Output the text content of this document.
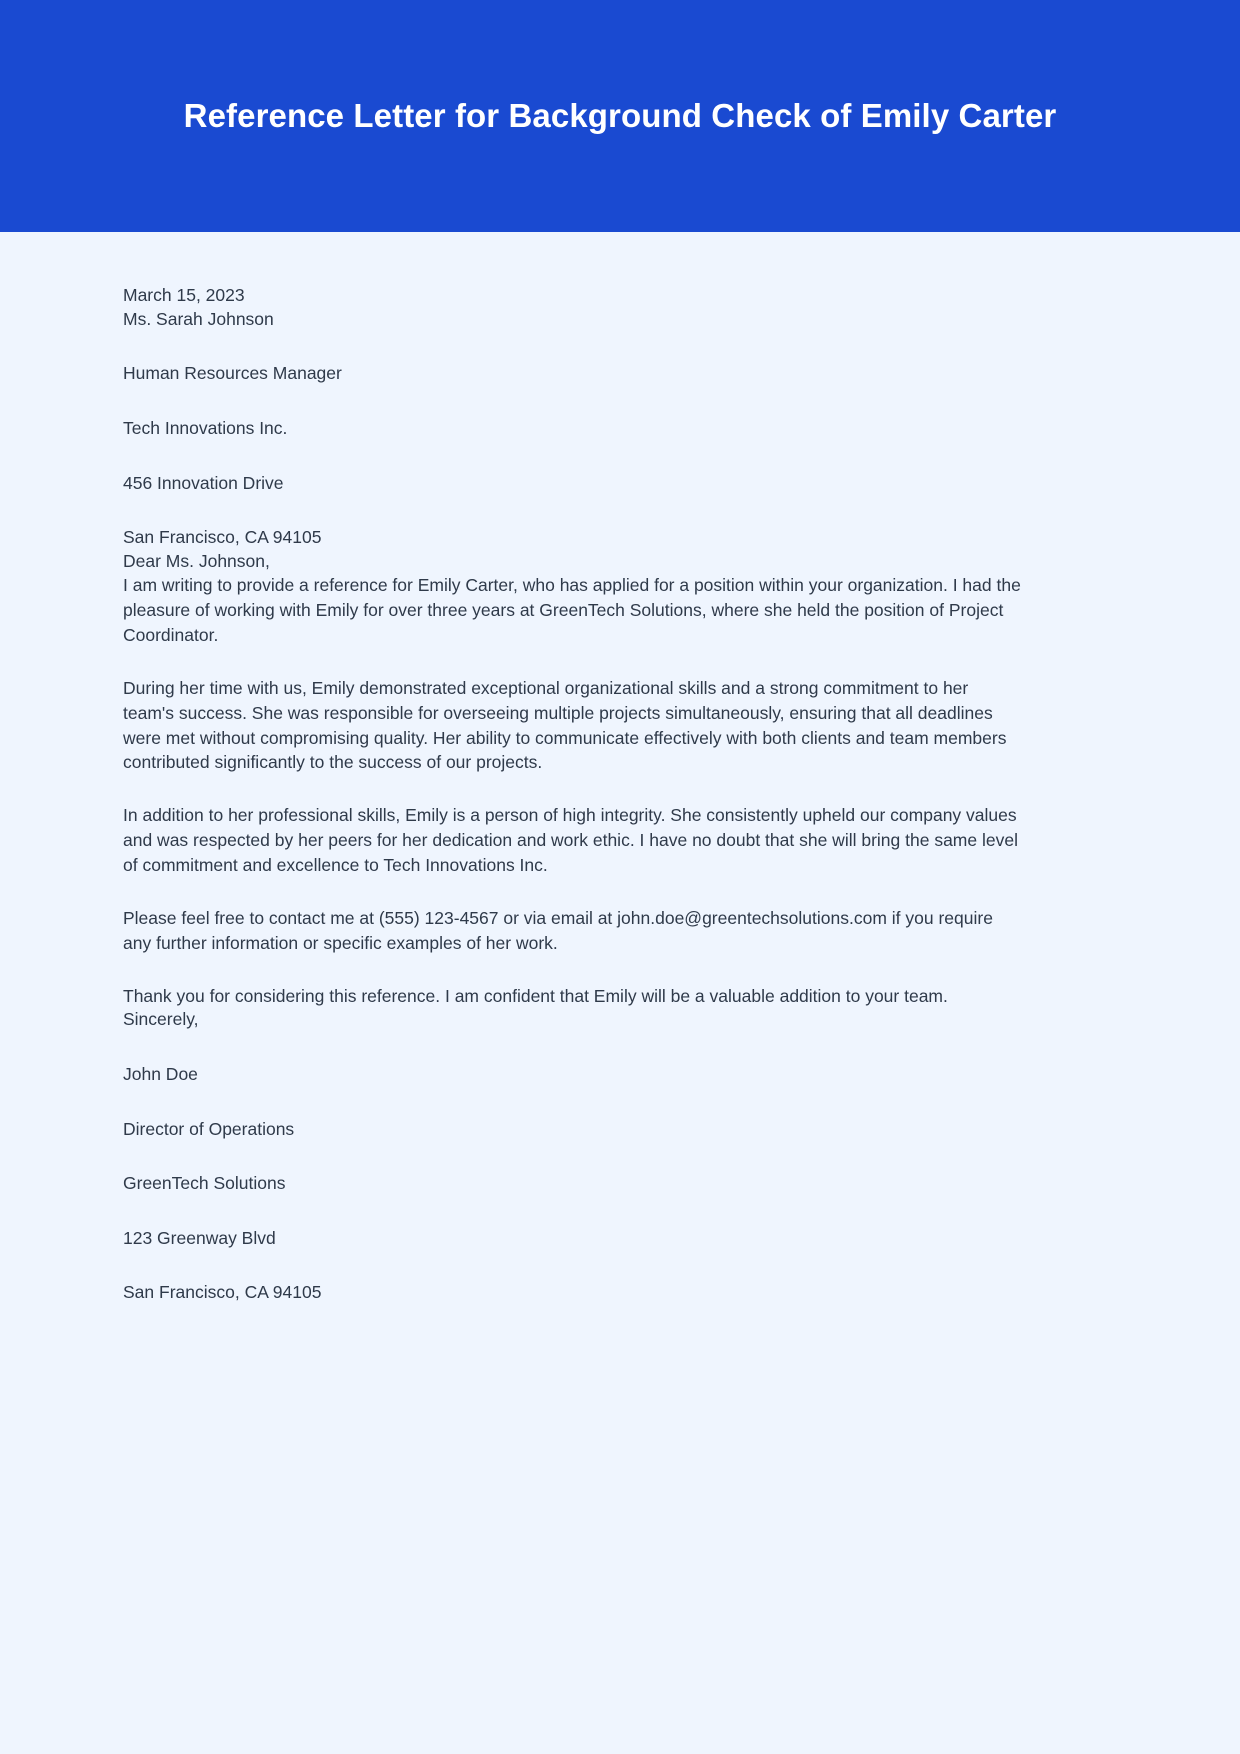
Reference Letter for Background Check of Emily Carter
March 15, 2023
Ms. Sarah Johnson
Human Resources Manager
Tech Innovations Inc.
456 Innovation Drive
San Francisco, CA 94105
Dear Ms. Johnson,

I am writing to provide a reference for Emily Carter, who has applied for a position within your organization. I had the pleasure of working with Emily for over three years at GreenTech Solutions, where she held the position of Project Coordinator.

During her time with us, Emily demonstrated exceptional organizational skills and a strong commitment to her team's success. She was responsible for overseeing multiple projects simultaneously, ensuring that all deadlines were met without compromising quality. Her ability to communicate effectively with both clients and team members contributed significantly to the success of our projects.

In addition to her professional skills, Emily is a person of high integrity. She consistently upheld our company values and was respected by her peers for her dedication and work ethic. I have no doubt that she will bring the same level of commitment and excellence to Tech Innovations Inc.

Please feel free to contact me at (555) 123-4567 or via email at john.doe@greentechsolutions.com if you require any further information or specific examples of her work.

Thank you for considering this reference. I am confident that Emily will be a valuable addition to your team.

Sincerely,
John Doe
Director of Operations
GreenTech Solutions
123 Greenway Blvd
San Francisco, CA 94105
